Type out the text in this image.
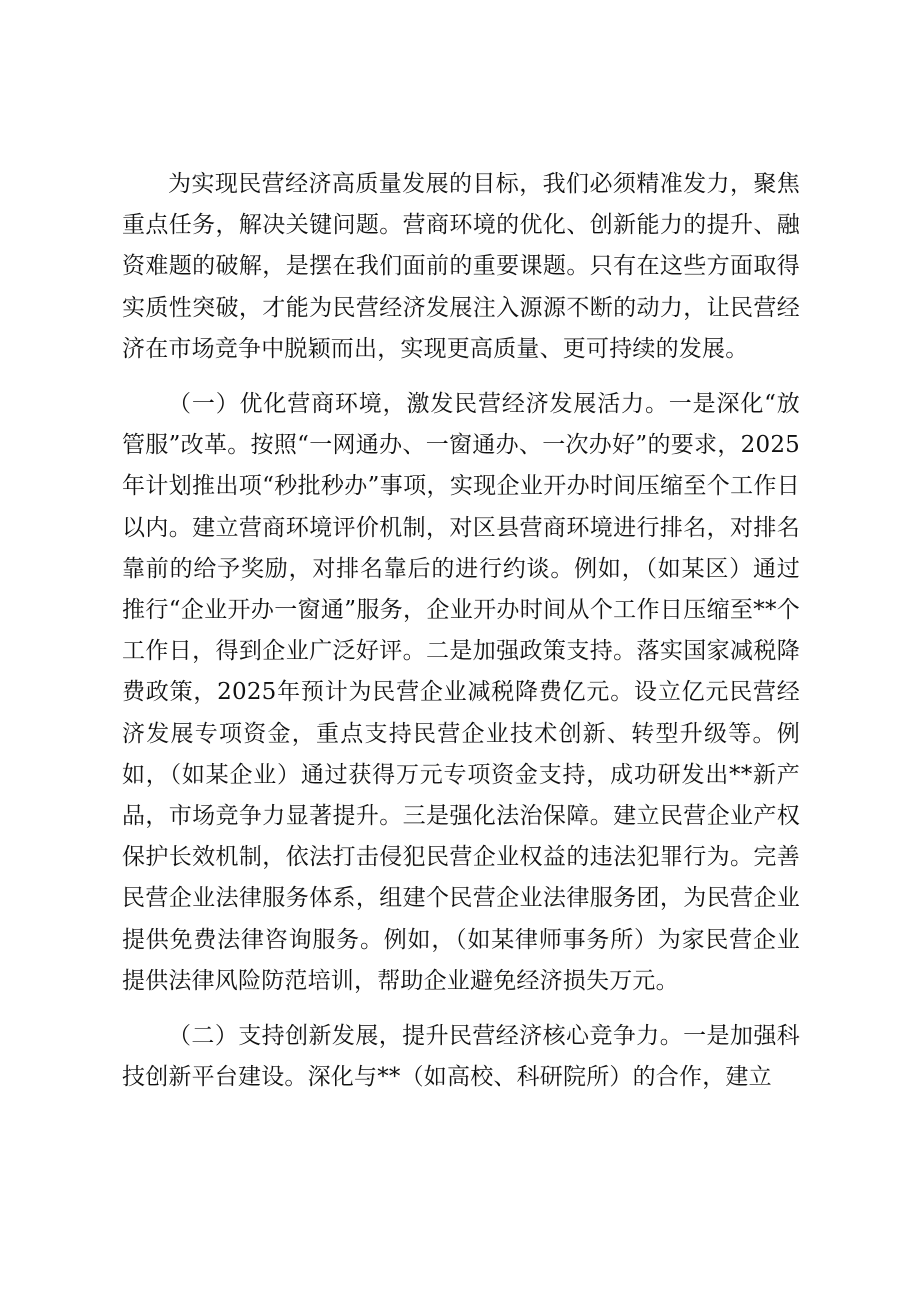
为实现民营经济高质量发展的目标，我们必须精准发力，聚焦重点任务，解决关键问题。营商环境的优化、创新能力的提升、融资难题的破解，是摆在我们面前的重要课题。只有在这些方面取得实质性突破，才能为民营经济发展注入源源不断的动力，让民营经济在市场竞争中脱颖而出，实现更高质量、更可持续的发展。

（一）优化营商环境，激发民营经济发展活力。一是深化“放管服”改革。按照“一网通办、一窗通办、一次办好”的要求，2025年计划推出项“秒批秒办”事项，实现企业开办时间压缩至个工作日以内。建立营商环境评价机制，对区县营商环境进行排名，对排名靠前的给予奖励，对排名靠后的进行约谈。例如，（如某区）通过推行“企业开办一窗通”服务，企业开办时间从个工作日压缩至**个工作日，得到企业广泛好评。二是加强政策支持。落实国家减税降费政策，2025年预计为民营企业减税降费亿元。设立亿元民营经济发展专项资金，重点支持民营企业技术创新、转型升级等。例如，（如某企业）通过获得万元专项资金支持，成功研发出**新产品，市场竞争力显著提升。三是强化法治保障。建立民营企业产权保护长效机制，依法打击侵犯民营企业权益的违法犯罪行为。完善民营企业法律服务体系，组建个民营企业法律服务团，为民营企业提供免费法律咨询服务。例如，（如某律师事务所）为家民营企业提供法律风险防范培训，帮助企业避免经济损失万元。

（二）支持创新发展，提升民营经济核心竞争力。一是加强科技创新平台建设。深化与**（如高校、科研院所）的合作，建立
